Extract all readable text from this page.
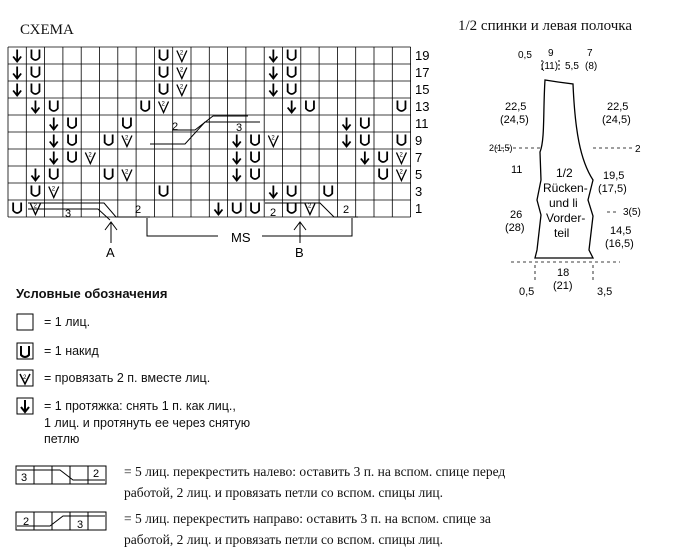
СХЕМА
2
2
2
2
2	2
2	2
2	2
2
2	2
3	2
2	3
2	2
A	B
MS
19
17
15
13
11
9
7
5
3
1
1/2 спинки и левая полочка
0,5 9
(11) 5,5
7
(8)
22,5
(24,5)
2(1,5)
11
26
(28)
22,5
(24,5)
2
19,5
(17,5)
3(5)
14,5
(16,5)
0,5
18
(21) 3,5
1/2
Rücken-
und li
Vorder-
teil
Условные обозначения
2
= 1 лиц.
= 1 накид
= провязать 2 п. вместе лиц.
= 1 протяжка: снять 1 п. как лиц.,
1 лиц. и протянуть ее через снятую
петлю
3	2
2	3
= 5 лиц. перекрестить налево: оставить 3 п. на вспом. спице перед
работой, 2 лиц. и провязать петли со вспом. спицы лиц.
= 5 лиц. перекрестить направо: оставить 3 п. на вспом. спице за
работой, 2 лиц. и провязать петли со вспом. спицы лиц.
